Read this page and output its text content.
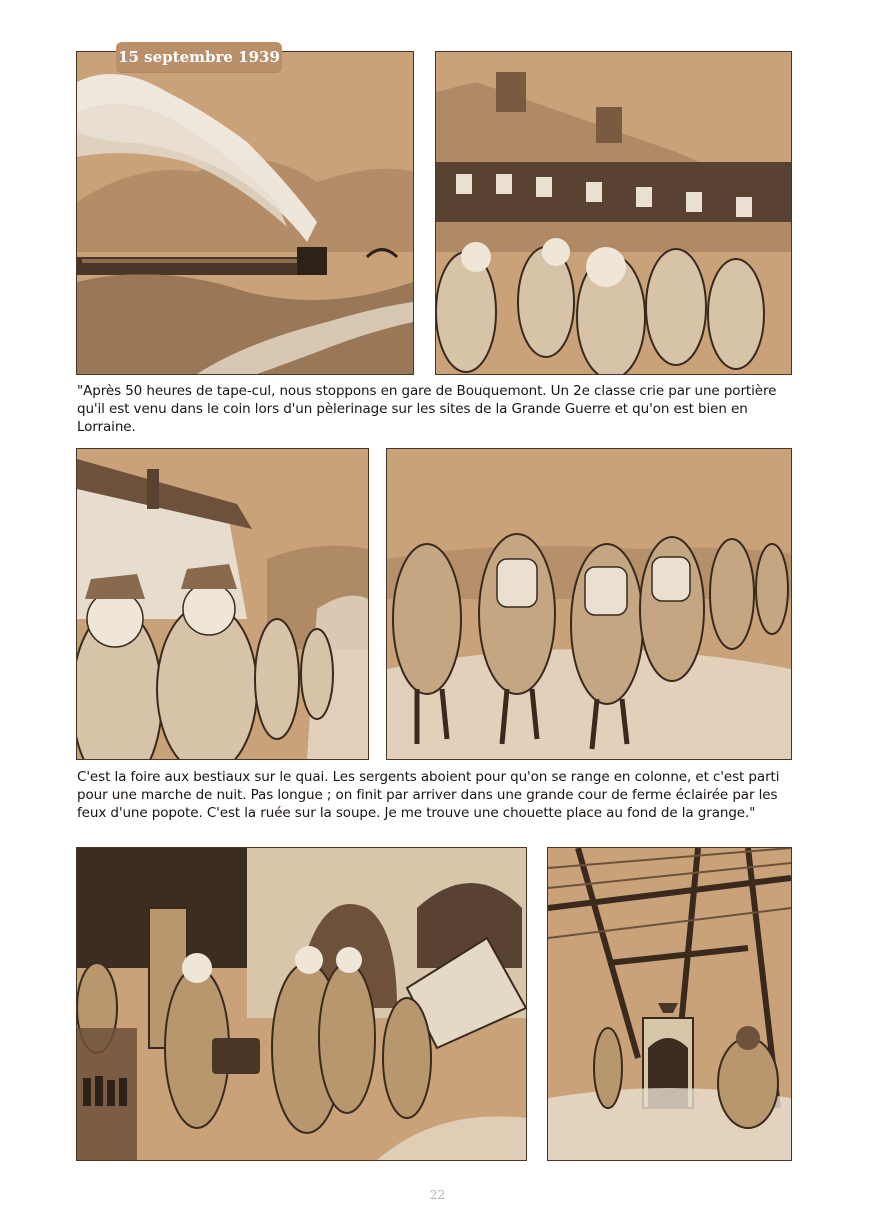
15 septembre 1939
"Après 50 heures de tape-cul, nous stoppons en gare de Bouquemont. Un 2e classe crie par une portière qu'il est venu dans le coin lors d'un pèlerinage sur les sites de la Grande Guerre et qu'on est bien en Lorraine.
C'est la foire aux bestiaux sur le quai. Les sergents aboient pour qu'on se range en colonne, et c'est parti pour une marche de nuit. Pas longue ; on finit par arriver dans une grande cour de ferme éclairée par les feux d'une popote. C'est la ruée sur la soupe. Je me trouve une chouette place au fond de la grange."
22
